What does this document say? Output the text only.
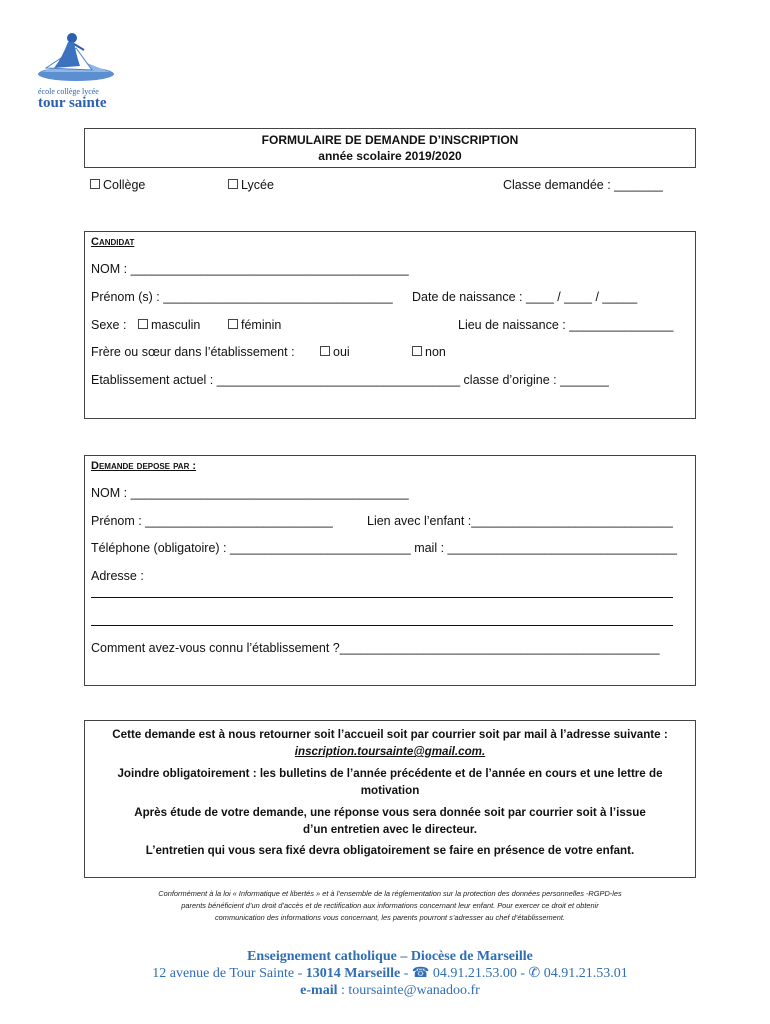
école collège lycée
tour sainte
FORMULAIRE DE DEMANDE D’INSCRIPTION
année scolaire 2019/2020
Collège	Lycée	Classe demandée : _______
Candidat
NOM : ________________________________________
Prénom (s) : _________________________________ Date de naissance : ____ / ____ / _____
Sexe :	masculin	féminin	Lieu de naissance : _______________
Frère ou sœur dans l’établissement :	oui	non
Etablissement actuel : ___________________________________ classe d’origine : _______
Demande depose par :
NOM : ________________________________________
Prénom : ___________________________	Lien avec l’enfant :_____________________________
Téléphone (obligatoire) : __________________________ mail : _________________________________
Adresse :
Comment avez-vous connu l’établissement ?______________________________________________
Cette demande est à nous retourner soit l’accueil soit par courrier soit par mail à l’adresse suivante :
inscription.toursainte@gmail.com.
Joindre obligatoirement : les bulletins de l’année précédente et de l’année en cours et une lettre de motivation
Après étude de votre demande, une réponse vous sera donnée soit par courrier soit à l’issue d’un entretien avec le directeur.
L’entretien qui vous sera fixé devra obligatoirement se faire en présence de votre enfant.
Conformément à la loi « Informatique et libertés » et à l’ensemble de la réglementation sur la protection des données personnelles -RGPD-les
parents bénéficient d’un droit d’accès et de rectification aux informations concernant leur enfant. Pour exercer ce droit et obtenir
communication des informations vous concernant, les parents pourront s’adresser au chef d’établissement.
Enseignement catholique – Diocèse de Marseille
12 avenue de Tour Sainte - 13014 Marseille - ☎ 04.91.21.53.00 - ✆ 04.91.21.53.01
e-mail : toursainte@wanadoo.fr
